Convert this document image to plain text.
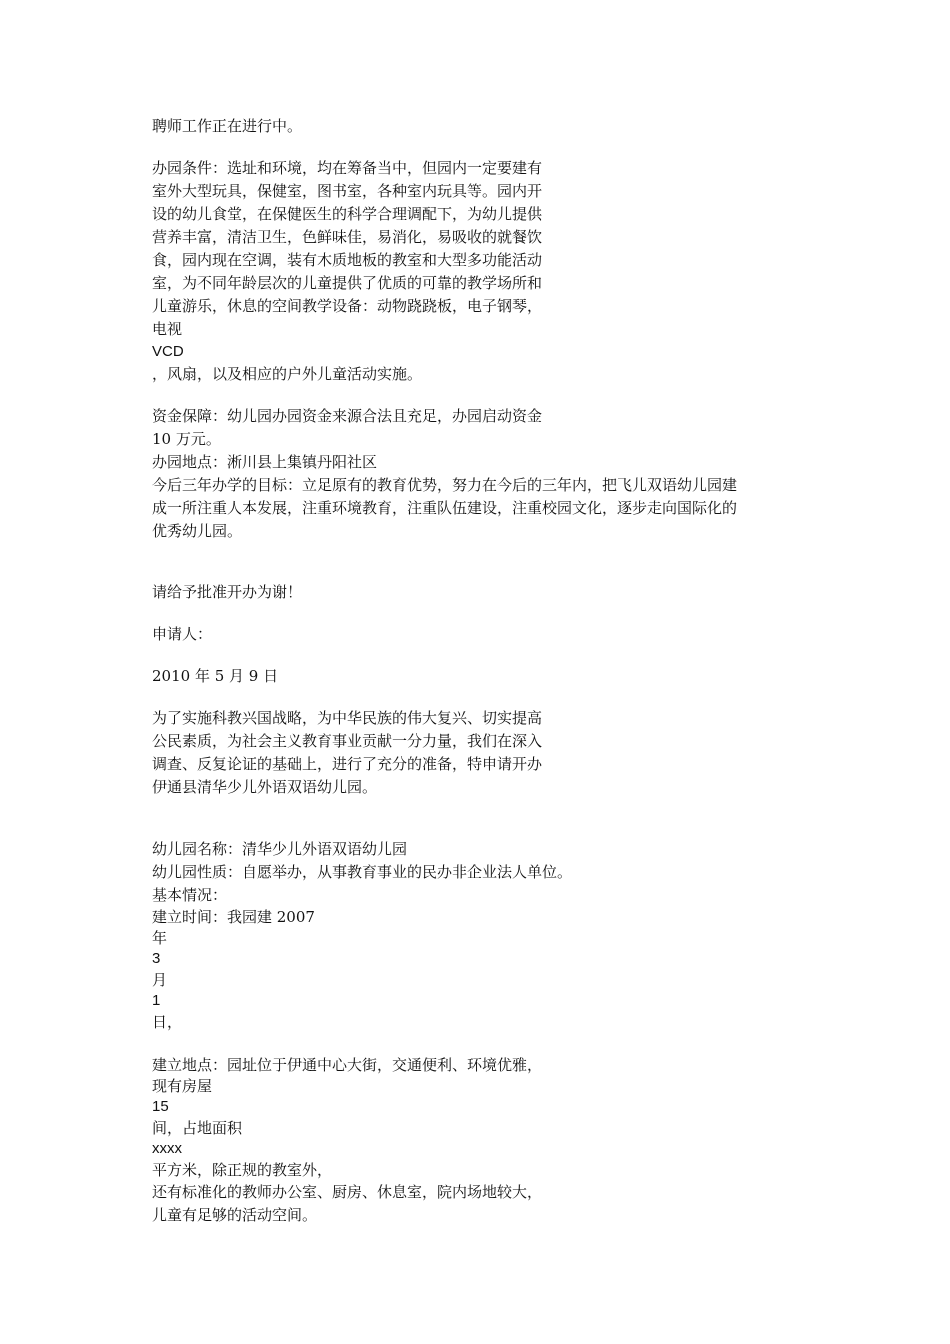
聘师工作正在进行中。

办园条件：选址和环境，均在筹备当中，但园内一定要建有

室外大型玩具，保健室，图书室，各种室内玩具等。园内开

设的幼儿食堂，在保健医生的科学合理调配下，为幼儿提供

营养丰富，清洁卫生，色鲜味佳，易消化，易吸收的就餐饮

食，园内现在空调，装有木质地板的教室和大型多功能活动

室，为不同年龄层次的儿童提供了优质的可靠的教学场所和

儿童游乐，休息的空间教学设备：动物跷跷板，电子钢琴，

电视

VCD

，风扇，以及相应的户外儿童活动实施。

资金保障：幼儿园办园资金来源合法且充足，办园启动资金

10 万元。

办园地点：淅川县上集镇丹阳社区

今后三年办学的目标：立足原有的教育优势，努力在今后的三年内，把飞儿双语幼儿园建

成一所注重人本发展，注重环境教育，注重队伍建设，注重校园文化，逐步走向国际化的

优秀幼儿园。

请给予批准开办为谢！

申请人：

2010 年 5 月 9 日

为了实施科教兴国战略，为中华民族的伟大复兴、切实提高

公民素质，为社会主义教育事业贡献一分力量，我们在深入

调查、反复论证的基础上，进行了充分的准备，特申请开办

伊通县清华少儿外语双语幼儿园。

幼儿园名称：清华少儿外语双语幼儿园

幼儿园性质：自愿举办，从事教育事业的民办非企业法人单位。

基本情况：

建立时间：我园建 2007

年

3

月

1

日，

建立地点：园址位于伊通中心大街，交通便利、环境优雅，

现有房屋

15

间，占地面积

xxxx

平方米，除正规的教室外，

还有标准化的教师办公室、厨房、休息室，院内场地较大，

儿童有足够的活动空间。
